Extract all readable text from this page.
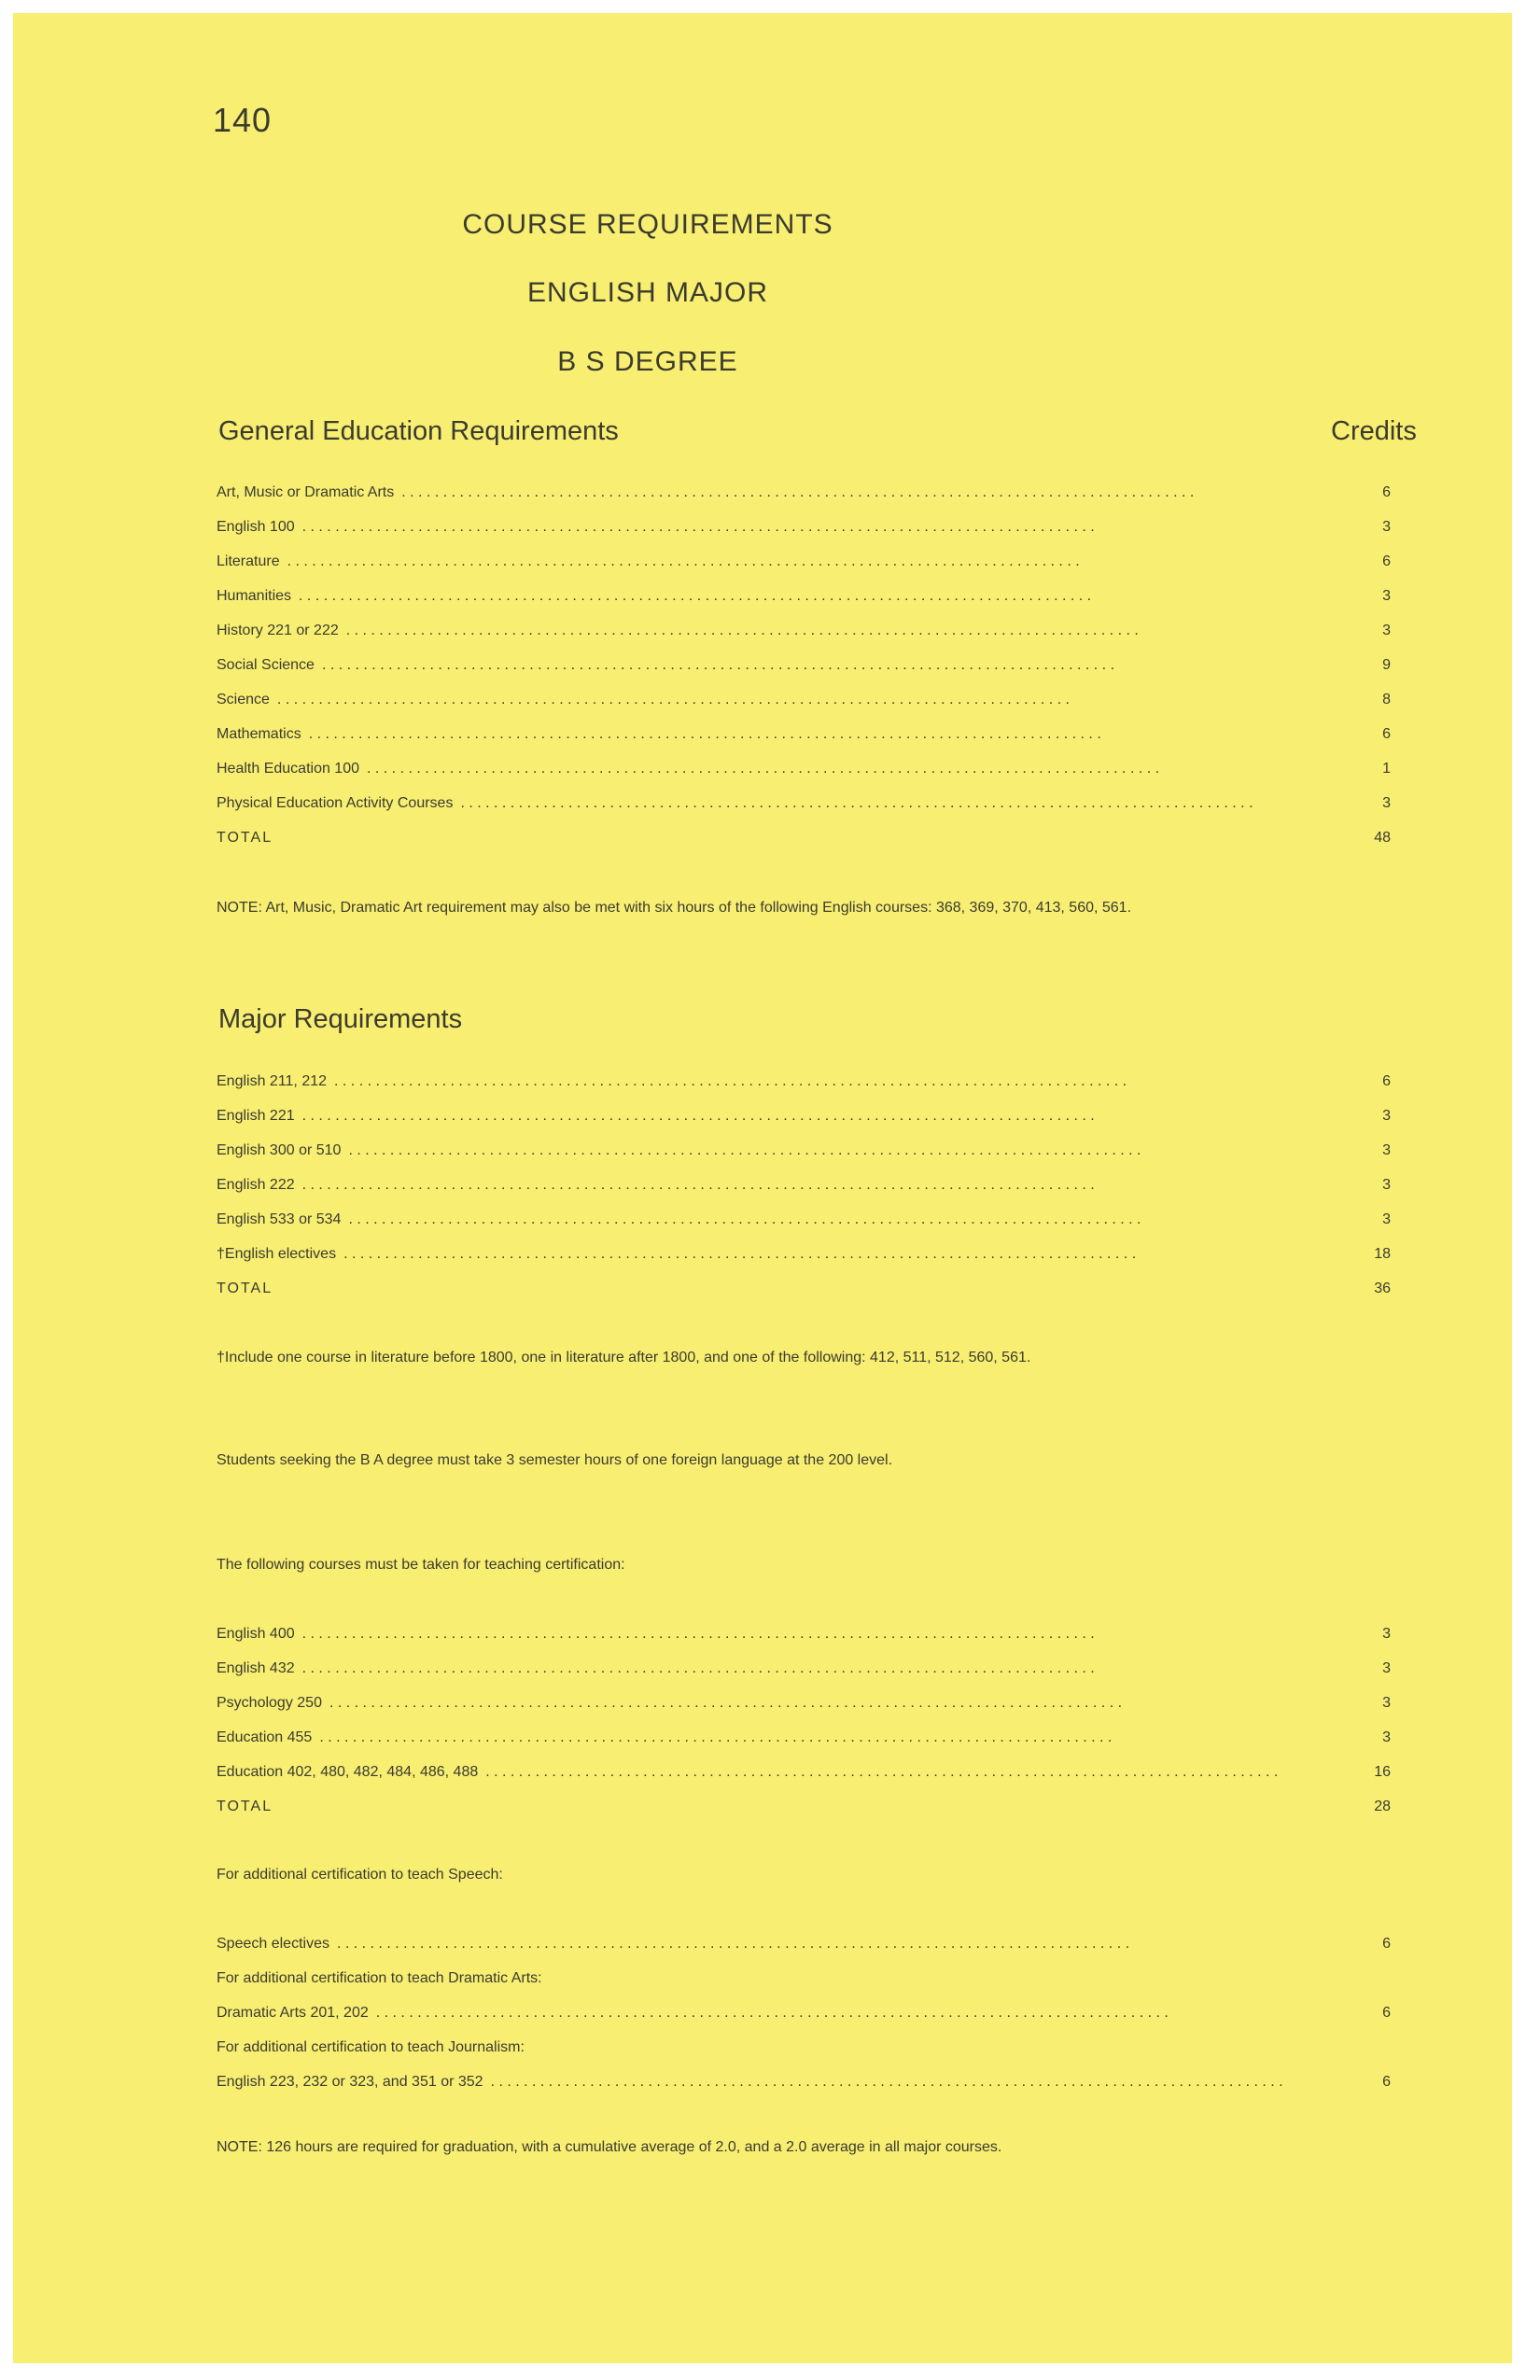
140
COURSE REQUIREMENTS
ENGLISH MAJOR
B S DEGREE
General Education Requirements	Credits
Art, Music or Dramatic Arts . . .	6
English 100 . . .	3
Literature . . .	6
Humanities . . .	3
History 221 or 222 . . .	3
Social Science . . .	9
Science . . .	8
Mathematics . . .	6
Health Education 100 . . .	1
Physical Education Activity Courses . . .	3
TOTAL	48

NOTE: Art, Music, Dramatic Art requirement may also be met with six hours of the following English courses: 368, 369, 370, 413, 560, 561.

Major Requirements
English 211, 212 . . .	6
English 221 . . .	3
English 300 or 510 . . .	3
English 222 . . .	3
English 533 or 534 . . .	3
†English electives . . .	18
TOTAL	36

†Include one course in literature before 1800, one in literature after 1800, and one of the following: 412, 511, 512, 560, 561.

Students seeking the B A degree must take 3 semester hours of one foreign language at the 200 level.

The following courses must be taken for teaching certification:
English 400 . . .	3
English 432 . . .	3
Psychology 250 . . .	3
Education 455 . . .	3
Education 402, 480, 482, 484, 486, 488 . . .	16
TOTAL	28
For additional certification to teach Speech:
Speech electives . . .	6
For additional certification to teach Dramatic Arts:
Dramatic Arts 201, 202 . . .	6
For additional certification to teach Journalism:
English 223, 232 or 323, and 351 or 352 . . .	6

NOTE: 126 hours are required for graduation, with a cumulative average of 2.0, and a 2.0 average in all major courses.
